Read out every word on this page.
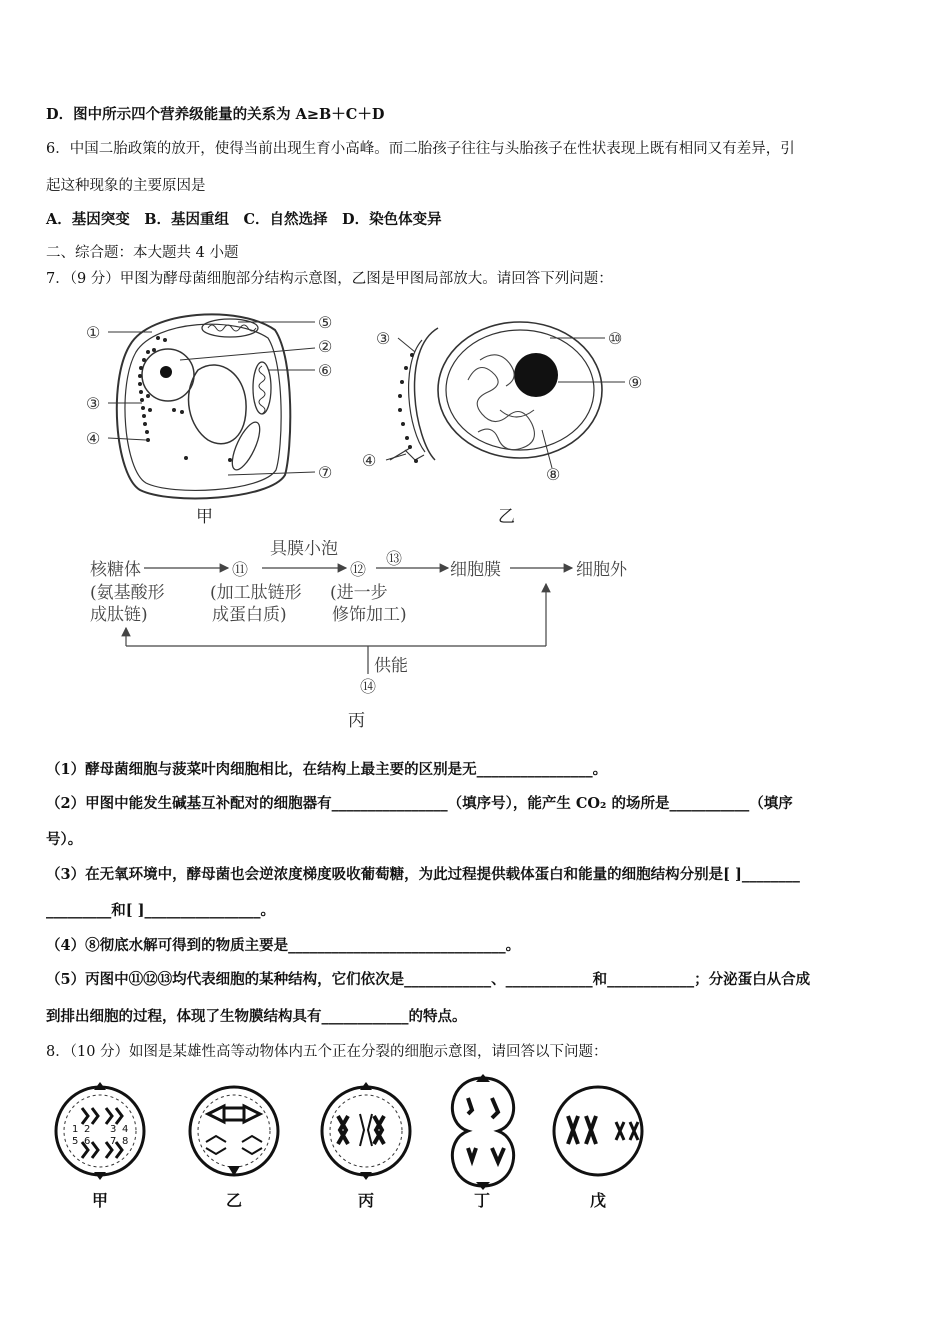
D．图中所示四个营养级能量的关系为 A≥B＋C＋D
6．中国二胎政策的放开，使得当前出现生育小高峰。而二胎孩子往往与头胎孩子在性状表现上既有相同又有差异，引
起这种现象的主要原因是
A．基因突变　B．基因重组　C．自然选择　D．染色体变异
二、综合题：本大题共 4 小题
7．（9 分）甲图为酵母菌细胞部分结构示意图，乙图是甲图局部放大。请回答下列问题：
①
⑤
②
⑥
③
④
⑦
甲
③
④
⑧
⑨
⑩
乙
核糖体
(氨基酸形
成肽链)
⑪
(加工肽链形
成蛋白质)
具膜小泡
⑫
⑬
(进一步
修饰加工)
细胞膜	细胞外
供能
⑭
丙
（1）酵母菌细胞与菠菜叶肉细胞相比，在结构上最主要的区别是无________________。
（2）甲图中能发生碱基互补配对的细胞器有________________（填序号），能产生 CO₂ 的场所是___________（填序
号）。
（3）在无氧环境中，酵母菌也会逆浓度梯度吸收葡萄糖，为此过程提供载体蛋白和能量的细胞结构分别是[ ]________
_________和[ ]________________。
（4）⑧彻底水解可得到的物质主要是______________________________。
（5）丙图中⑪⑫⑬均代表细胞的某种结构，它们依次是____________、____________和____________；分泌蛋白从合成
到排出细胞的过程，体现了生物膜结构具有____________的特点。
8．（10 分）如图是某雄性高等动物体内五个正在分裂的细胞示意图，请回答以下问题：
1 2
5 6
3 4
7 8
甲	乙	丙	丁	戊
